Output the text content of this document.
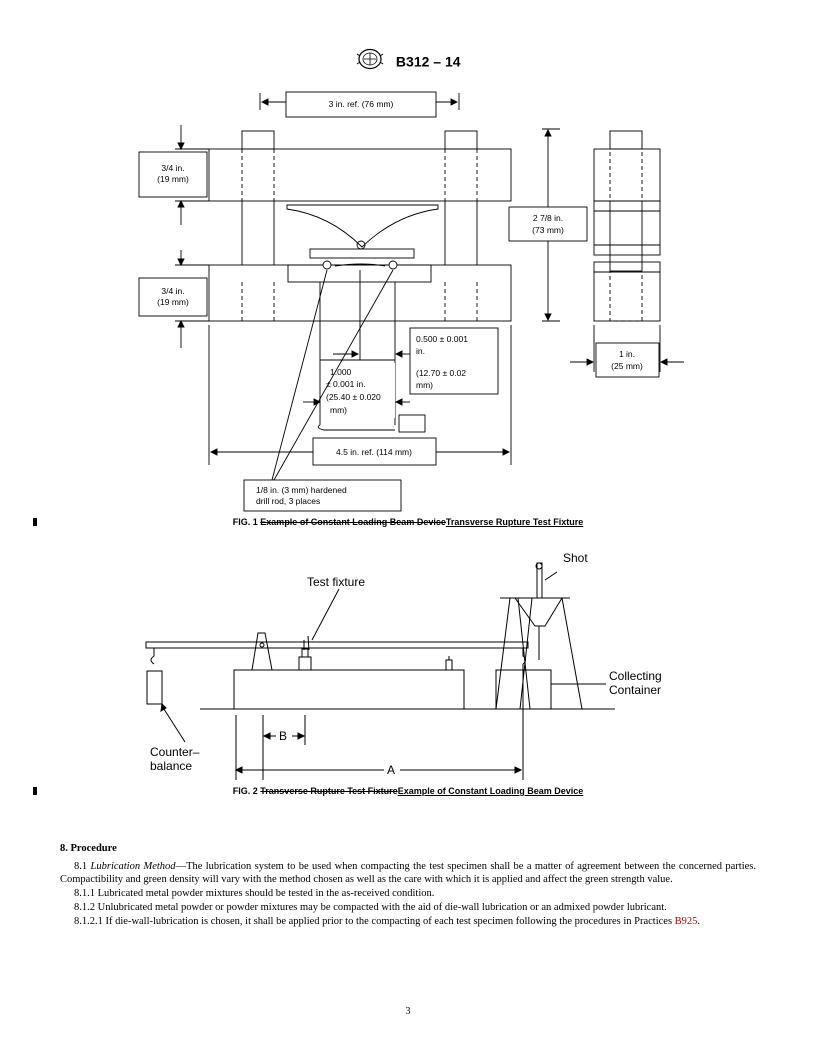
B312 – 14
3 in. ref. (76 mm)
3/4 in.
(19 mm)
3/4 in.
(19 mm)
2 7/8 in.
(73 mm)
0.500 ± 0.001
in.
(12.70 ± 0.02
mm)
1.000
± 0.001 in.
(25.40 ± 0.020
mm)
1 in.
(25 mm)
4.5 in. ref. (114 mm)
1/8 in. (3 mm) hardened
drill rod, 3 places
FIG. 1 Example of Constant Loading Beam DeviceTransverse Rupture Test Fixture
Shot
Test fixture
Collecting
Container
Counter–
balance
B
A
FIG. 2 Transverse Rupture Test FixtureExample of Constant Loading Beam Device
8. Procedure

8.1 Lubrication Method—The lubrication system to be used when compacting the test specimen shall be a matter of agreement between the concerned parties. Compactibility and green density will vary with the method chosen as well as the care with which it is applied and affect the green strength value.

8.1.1 Lubricated metal powder mixtures should be tested in the as-received condition.

8.1.2 Unlubricated metal powder or powder mixtures may be compacted with the aid of die-wall lubrication or an admixed powder lubricant.

8.1.2.1 If die-wall-lubrication is chosen, it shall be applied prior to the compacting of each test specimen following the procedures in Practices B925.

3
